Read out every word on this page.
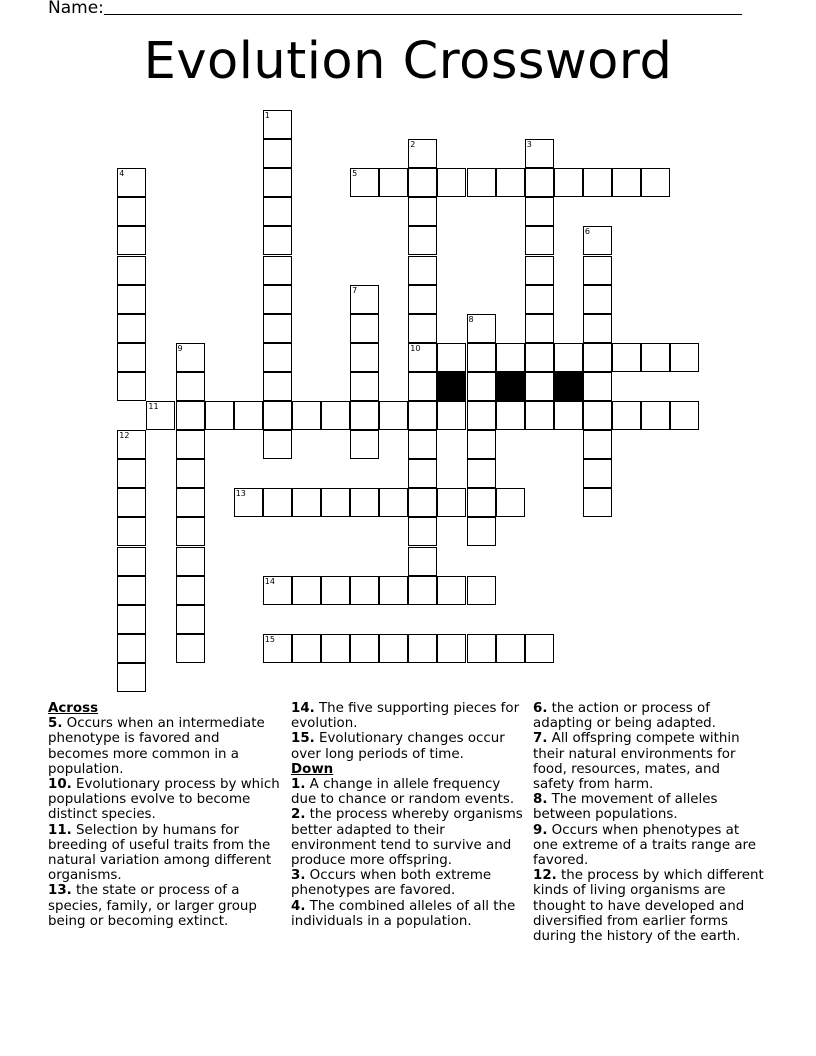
Name:
Evolution Crossword
1
2	3
4	5
6
7
8
9	10
11
12
13
14
15
Across
5. Occurs when an intermediate phenotype is favored and becomes more common in a population.
10. Evolutionary process by which populations evolve to become distinct species.
11. Selection by humans for breeding of useful traits from the natural variation among different organisms.
13. the state or process of a species, family, or larger group being or becoming extinct.
14. The five supporting pieces for evolution.
15. Evolutionary changes occur over long periods of time.
Down
1. A change in allele frequency due to chance or random events.
2. the process whereby organisms better adapted to their environment tend to survive and produce more offspring.
3. Occurs when both extreme phenotypes are favored.
4. The combined alleles of all the individuals in a population.
6. the action or process of adapting or being adapted.
7. All offspring compete within their natural environments for food, resources, mates, and safety from harm.
8. The movement of alleles between populations.
9. Occurs when phenotypes at one extreme of a traits range are favored.
12. the process by which different kinds of living organisms are thought to have developed and diversified from earlier forms during the history of the earth.
